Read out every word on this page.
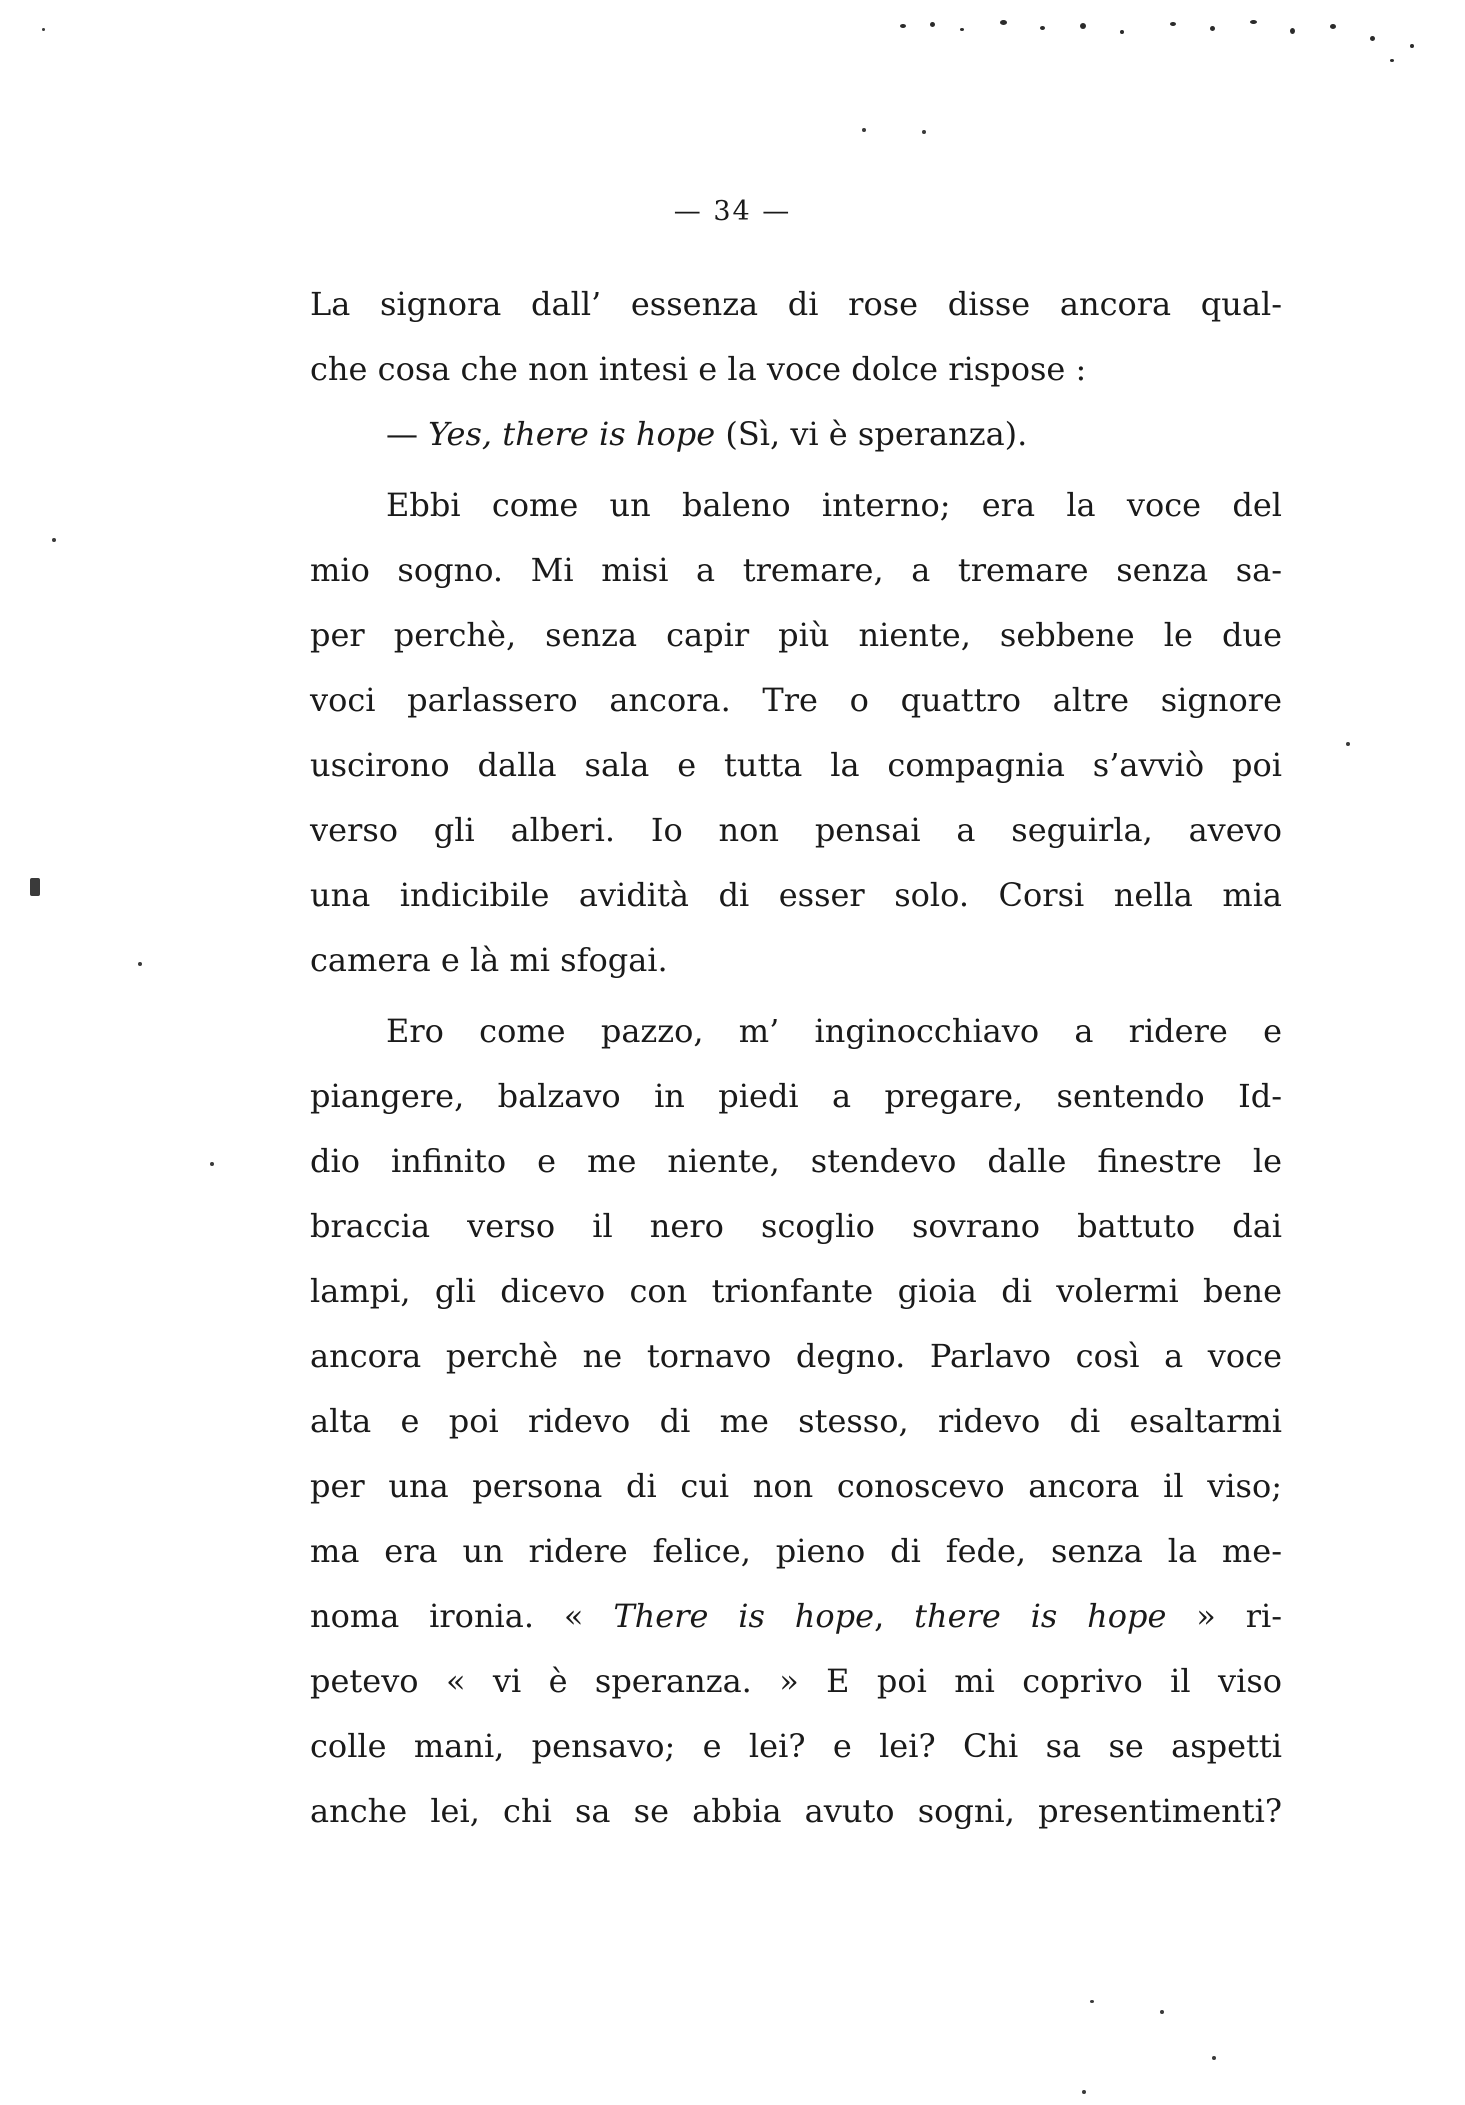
— 34 —
La signora dall’ essenza di rose disse ancora qual-
che cosa che non intesi e la voce dolce rispose :
— Yes, there is hope (Sì, vi è speranza).
Ebbi come un baleno interno; era la voce del
mio sogno. Mi misi a tremare, a tremare senza sa-
per perchè, senza capir più niente, sebbene le due
voci parlassero ancora. Tre o quattro altre signore
uscirono dalla sala e tutta la compagnia s’avviò poi
verso gli alberi. Io non pensai a seguirla, avevo
una indicibile avidità di esser solo. Corsi nella mia
camera e là mi sfogai.
Ero come pazzo, m’ inginocchiavo a ridere e
piangere, balzavo in piedi a pregare, sentendo Id-
dio infinito e me niente, stendevo dalle finestre le
braccia verso il nero scoglio sovrano battuto dai
lampi, gli dicevo con trionfante gioia di volermi bene
ancora perchè ne tornavo degno. Parlavo così a voce
alta e poi ridevo di me stesso, ridevo di esaltarmi
per una persona di cui non conoscevo ancora il viso;
ma era un ridere felice, pieno di fede, senza la me-
noma ironia. « There is hope, there is hope » ri-
petevo « vi è speranza. » E poi mi coprivo il viso
colle mani, pensavo; e lei? e lei? Chi sa se aspetti
anche lei, chi sa se abbia avuto sogni, presentimenti?
